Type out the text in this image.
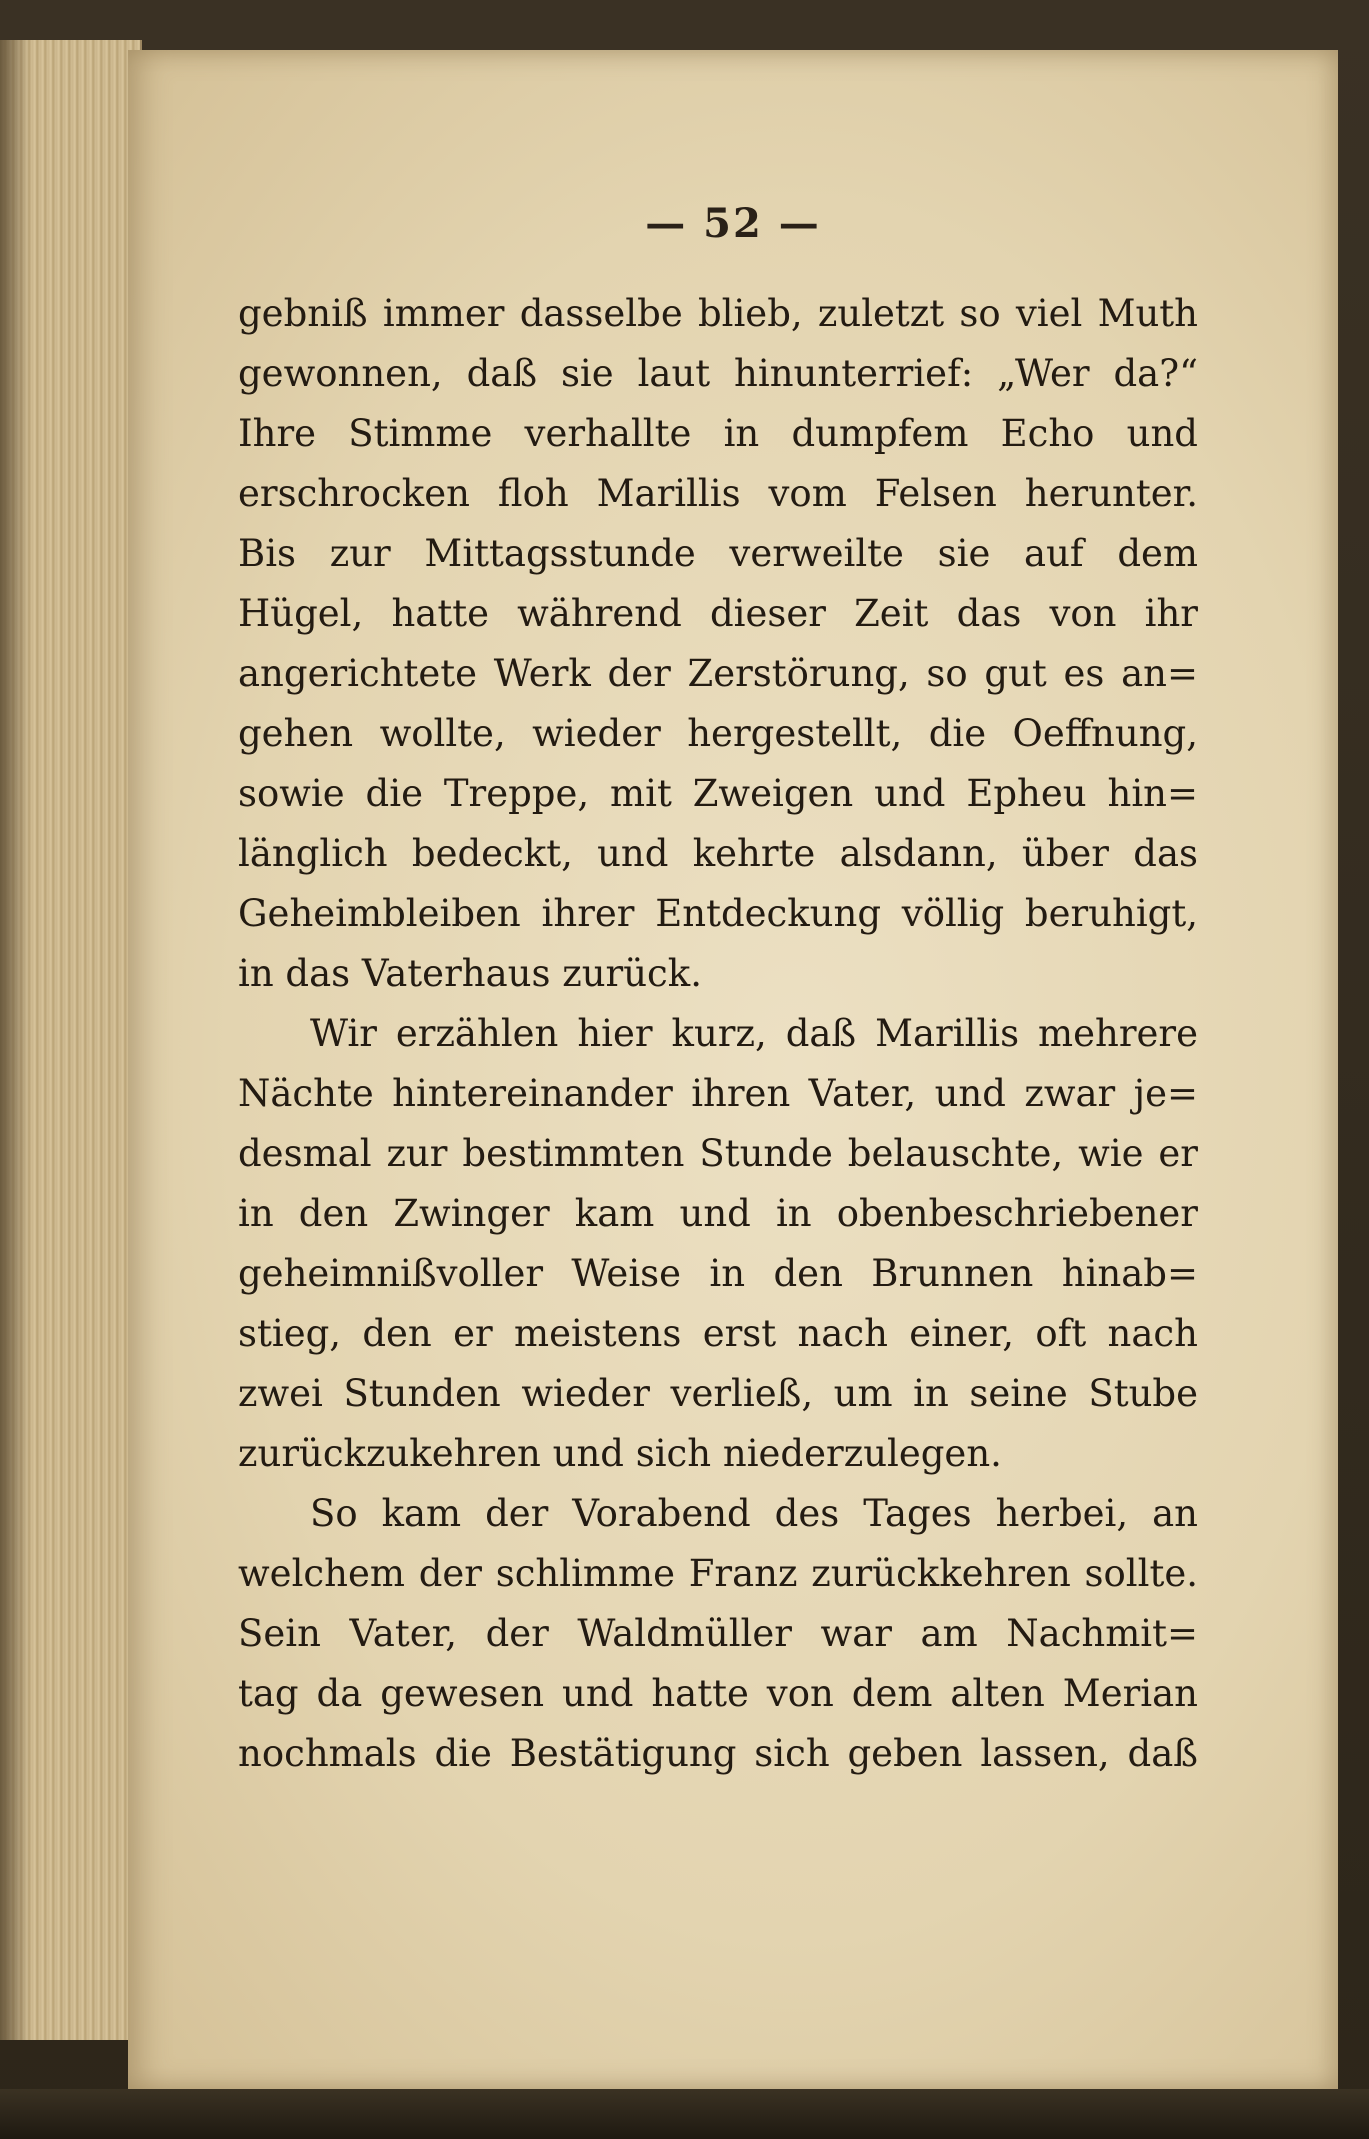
— 52 —
gebniß immer dasselbe blieb, zuletzt so viel Muth
gewonnen, daß sie laut hinunterrief: „Wer da?“
Ihre Stimme verhallte in dumpfem Echo und
erschrocken floh Marillis vom Felsen herunter.
Bis zur Mittagsstunde verweilte sie auf dem
Hügel, hatte während dieser Zeit das von ihr
angerichtete Werk der Zerstörung, so gut es an=
gehen wollte, wieder hergestellt, die Oeffnung,
sowie die Treppe, mit Zweigen und Epheu hin=
länglich bedeckt, und kehrte alsdann, über das
Geheimbleiben ihrer Entdeckung völlig beruhigt,
in das Vaterhaus zurück.
Wir erzählen hier kurz, daß Marillis mehrere
Nächte hintereinander ihren Vater, und zwar je=
desmal zur bestimmten Stunde belauschte, wie er
in den Zwinger kam und in obenbeschriebener
geheimnißvoller Weise in den Brunnen hinab=
stieg, den er meistens erst nach einer, oft nach
zwei Stunden wieder verließ, um in seine Stube
zurückzukehren und sich niederzulegen.
So kam der Vorabend des Tages herbei, an
welchem der schlimme Franz zurückkehren sollte.
Sein Vater, der Waldmüller war am Nachmit=
tag da gewesen und hatte von dem alten Merian
nochmals die Bestätigung sich geben lassen, daß
